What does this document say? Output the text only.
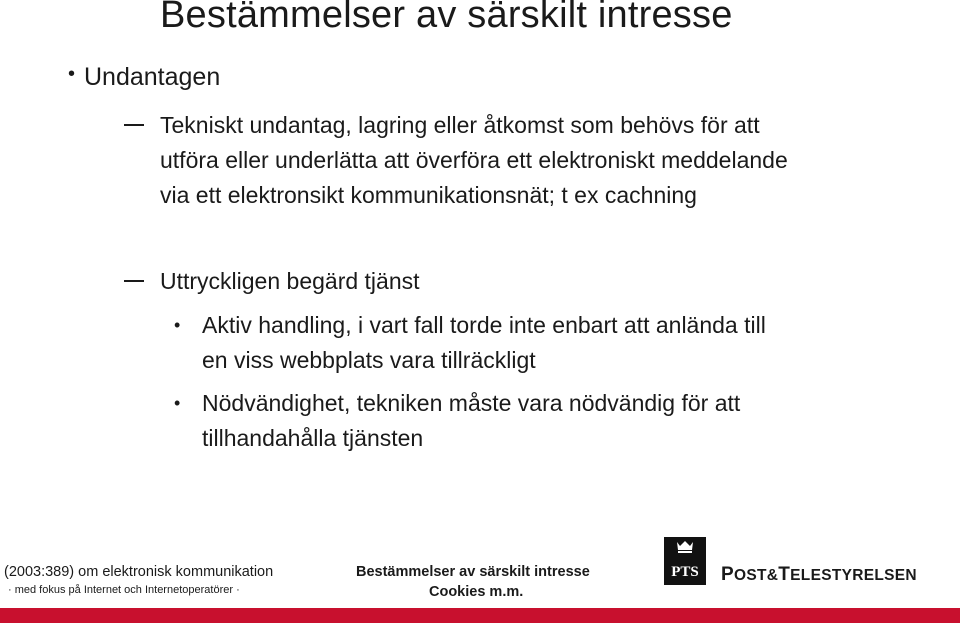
Bestämmelser av särskilt intresse
• Undantagen
Tekniskt undantag, lagring eller åtkomst som behövs för att
utföra eller underlätta att överföra ett elektroniskt meddelande
via ett elektronsikt kommunikationsnät; t ex cachning
Uttryckligen begärd tjänst
• Aktiv handling, i vart fall torde inte enbart att anlända till
en viss webbplats vara tillräckligt
• Nödvändighet, tekniken måste vara nödvändig för att
tillhandahålla tjänsten
(2003:389) om elektronisk kommunikation
· med fokus på Internet och Internetoperatörer ·
Bestämmelser av särskilt intresse
Cookies m.m.
PTS POST&TELESTYRELSEN
